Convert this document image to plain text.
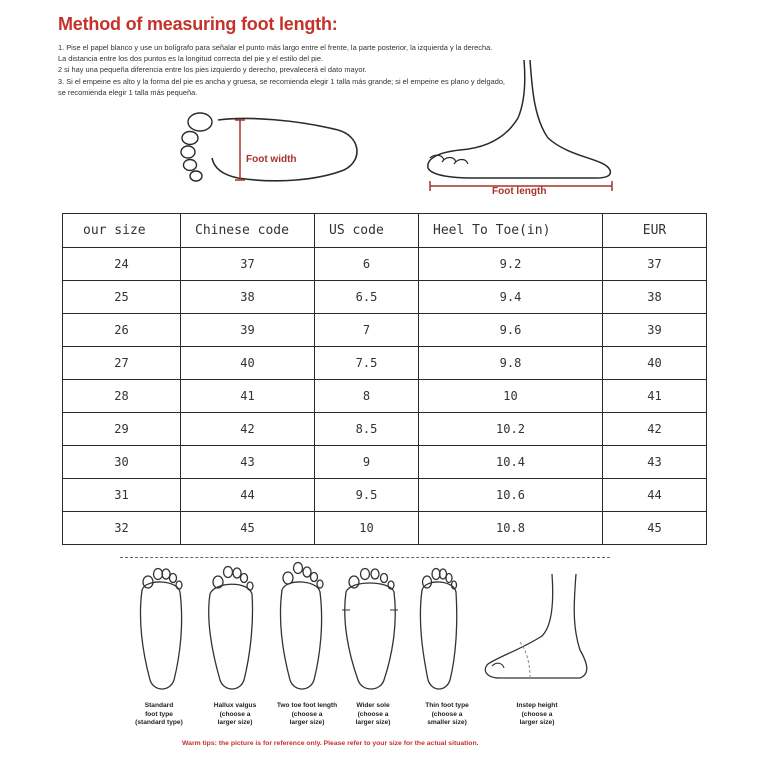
Method of measuring foot length:
1. Pise el papel blanco y use un bolígrafo para señalar el punto más largo entre el frente, la parte posterior, la izquierda y la derecha.
La distancia entre los dos puntos es la longitud correcta del pie y el estilo del pie.
2 si hay una pequeña diferencia entre los pies izquierdo y derecho, prevalecerá el dato mayor.
3. Si el empeine es alto y la forma del pie es ancha y gruesa, se recomienda elegir 1 talla más grande; si el empeine es plano y delgado,
se recomienda elegir 1 talla más pequeña.
Foot width
Foot length
our size	Chinese code	US code	Heel To Toe(in)	EUR
24	37	6	9.2	37
25	38	6.5	9.4	38
26	39	7	9.6	39
27	40	7.5	9.8	40
28	41	8	10	41
29	42	8.5	10.2	42
30	43	9	10.4	43
31	44	9.5	10.6	44
32	45	10	10.8	45
Standard
foot type
(standard type)
Hallux valgus
(choose a
larger size)
Two toe foot length
(choose a
larger size)
Wider sole
(choose a
larger size)
Thin foot type
(choose a
smaller size)
Instep height
(choose a
larger size)
Warm tips: the picture is for reference only. Please refer to your size for the actual situation.
